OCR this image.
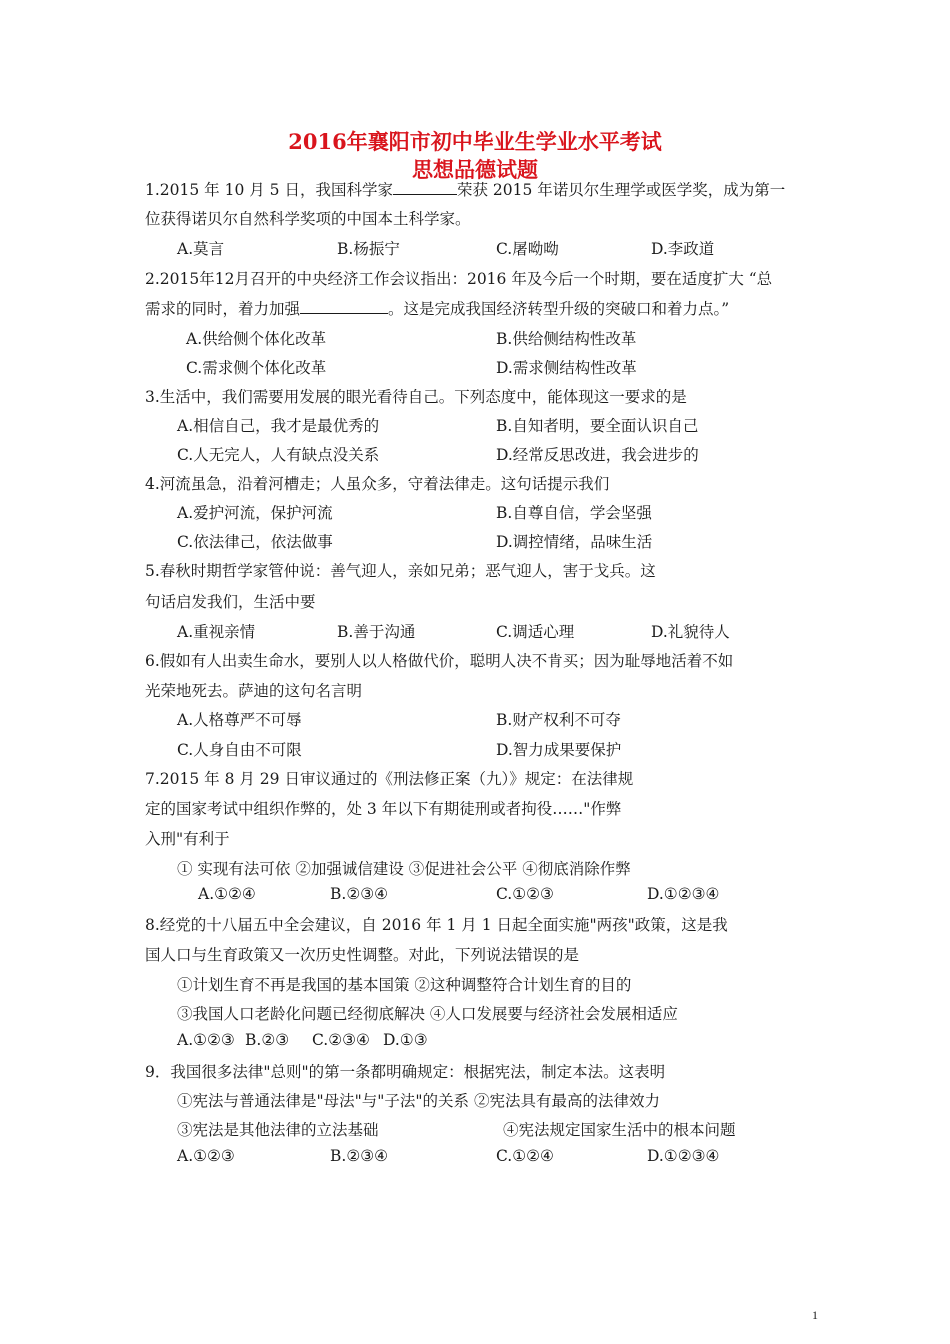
2016年襄阳市初中毕业生学业水平考试
思想品德试题
1.2015 年 10 月 5 日，我国科学家	荣获 2015 年诺贝尔生理学或医学奖，成为第一
位获得诺贝尔自然科学奖项的中国本土科学家。
A.莫言	B.杨振宁	C.屠呦呦	D.李政道
2.2015年12月召开的中央经济工作会议指出：2016 年及今后一个时期，要在适度扩大 “总
需求的同时，着力加强	。这是完成我国经济转型升级的突破口和着力点。”
A.供给侧个体化改革	B.供给侧结构性改革
C.需求侧个体化改革	D.需求侧结构性改革
3.生活中，我们需要用发展的眼光看待自己。下列态度中，能体现这一要求的是
A.相信自己，我才是最优秀的	B.自知者明，要全面认识自己
C.人无完人，人有缺点没关系	D.经常反思改进，我会进步的
4.河流虽急，沿着河槽走；人虽众多，守着法律走。这句话提示我们
A.爱护河流，保护河流	B.自尊自信，学会坚强
C.依法律己，依法做事	D.调控情绪，品味生活
5.春秋时期哲学家管仲说：善气迎人，亲如兄弟；恶气迎人，害于戈兵。这
句话启发我们，生活中要
A.重视亲情	B.善于沟通	C.调适心理	D.礼貌待人
6.假如有人出卖生命水，要别人以人格做代价，聪明人决不肯买；因为耻辱地活着不如
光荣地死去。萨迪的这句名言明
A.人格尊严不可辱	B.财产权利不可夺
C.人身自由不可限	D.智力成果要保护
7.2015 年 8 月 29 日审议通过的《刑法修正案（九）》规定：在法律规
定的国家考试中组织作弊的，处 3 年以下有期徒刑或者拘役……"作弊
入刑"有利于
① 实现有法可依 ②加强诚信建设 ③促进社会公平 ④彻底消除作弊
A.①②④	B.②③④	C.①②③	D.①②③④
8.经党的十八届五中全会建议，自 2016 年 1 月 1 日起全面实施"两孩"政策，这是我
国人口与生育政策又一次历史性调整。对此，下列说法错误的是
①计划生育不再是我国的基本国策 ②这种调整符合计划生育的目的
③我国人口老龄化问题已经彻底解决 ④人口发展要与经济社会发展相适应
A.①②③ B.②③ C.②③④ D.①③
9．我国很多法律"总则"的第一条都明确规定：根据宪法，制定本法。这表明
①宪法与普通法律是"母法"与"子法"的关系 ②宪法具有最高的法律效力
③宪法是其他法律的立法基础	④宪法规定国家生活中的根本问题
A.①②③	B.②③④	C.①②④	D.①②③④
1
